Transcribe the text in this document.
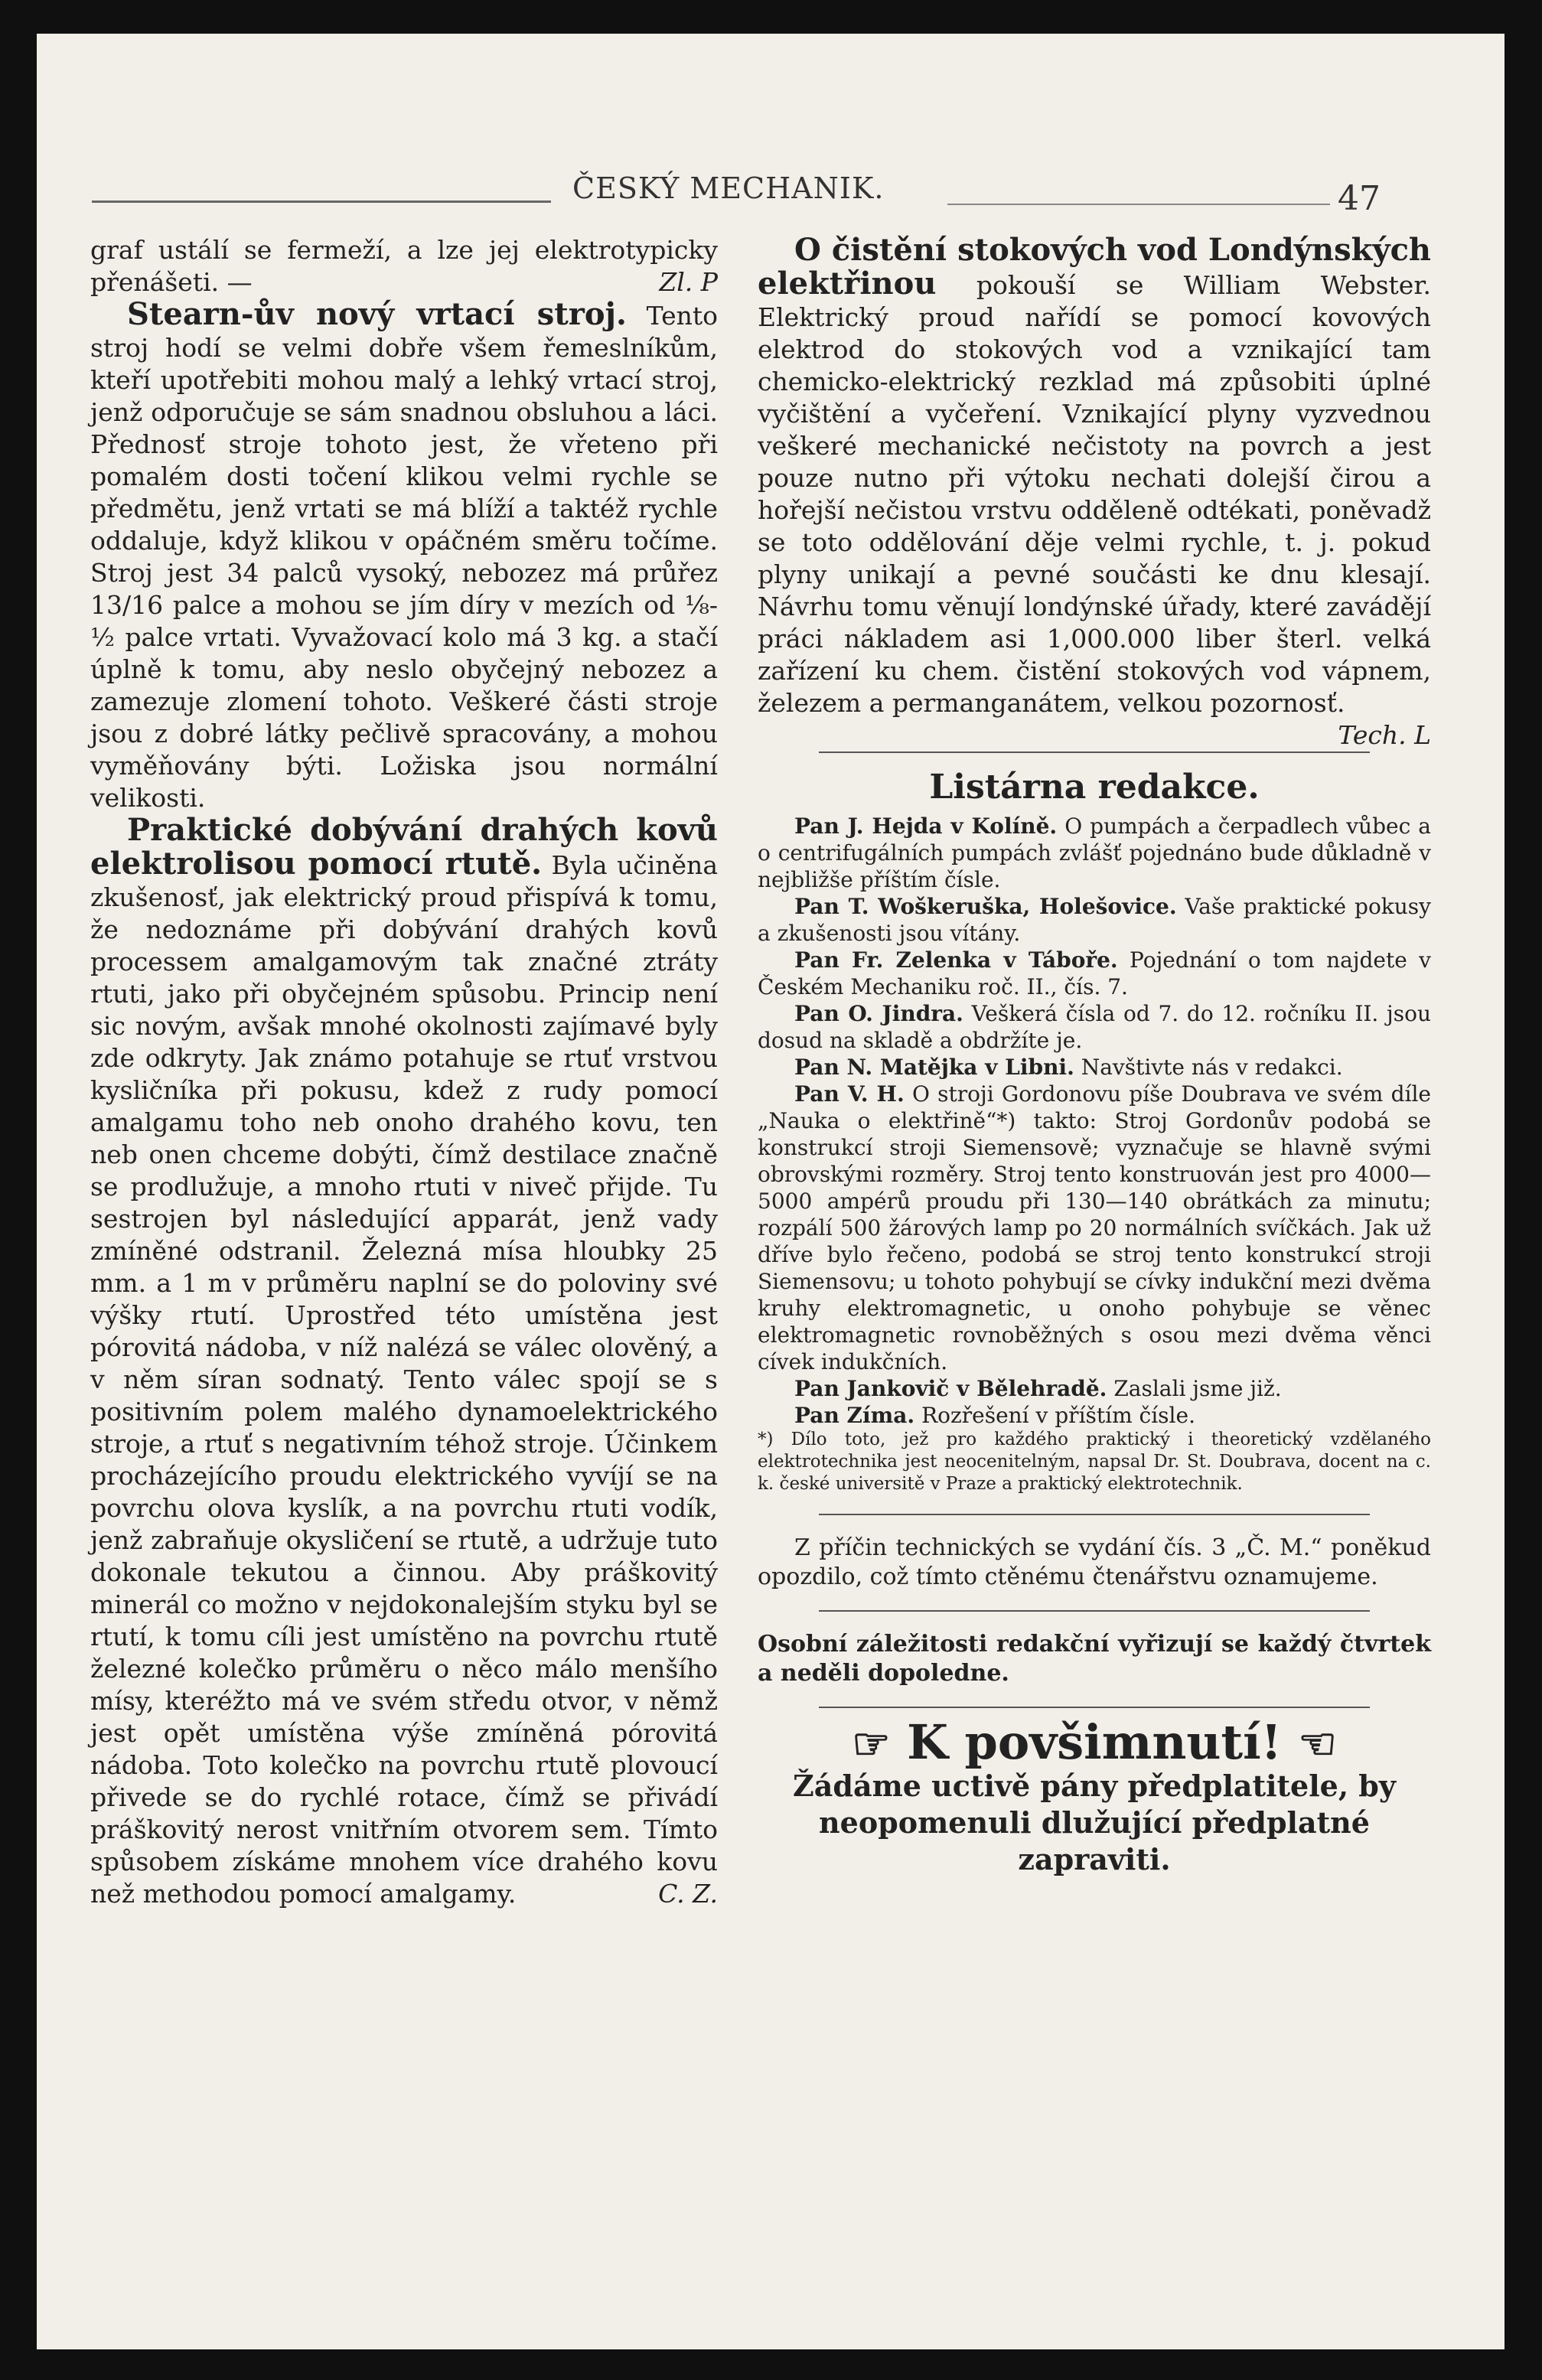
ČESKÝ MECHANIK.	47

graf ustálí se fermeží, a lze jej elektrotypicky přenášeti. —	Zl. P

Stearn-ův nový vrtací stroj. Tento stroj hodí se velmi dobře všem řemeslníkům, kteří upotřebiti mohou malý a lehký vrtací stroj, jenž odporučuje se sám snadnou obsluhou a láci. Přednosť stroje tohoto jest, že vřeteno při pomalém dosti točení klikou velmi rychle se předmětu, jenž vrtati se má blíží a taktéž rychle oddaluje, když klikou v opáčném směru točíme. Stroj jest 34 palců vysoký, nebozez má průřez 13/16 palce a mohou se jím díry v mezích od ⅛-½ palce vrtati. Vyvažovací kolo má 3 kg. a stačí úplně k tomu, aby neslo obyčejný nebozez a zamezuje zlomení tohoto. Veškeré části stroje jsou z dobré látky pečlivě spracovány, a mohou vyměňovány býti. Ložiska jsou normální velikosti.

Praktické dobývání drahých kovů elektrolisou pomocí rtutě. Byla učiněna zkušenosť, jak elektrický proud přispívá k tomu, že nedoznáme při dobývání drahých kovů processem amalgamovým tak značné ztráty rtuti, jako při obyčejném spůsobu. Princip není sic novým, avšak mnohé okolnosti zajímavé byly zde odkryty. Jak známo potahuje se rtuť vrstvou kysličníka při pokusu, kdež z rudy pomocí amalgamu toho neb onoho drahého kovu, ten neb onen chceme dobýti, čímž destilace značně se prodlužuje, a mnoho rtuti v niveč přijde. Tu sestrojen byl následující apparát, jenž vady zmíněné odstranil. Železná mísa hloubky 25 mm. a 1 m v průměru naplní se do poloviny své výšky rtutí. Uprostřed této umístěna jest pórovitá nádoba, v níž nalézá se válec olověný, a v něm síran sodnatý. Tento válec spojí se s positivním polem malého dynamoelektrického stroje, a rtuť s negativním téhož stroje. Účinkem procházejícího proudu elektrického vyvíjí se na povrchu olova kyslík, a na povrchu rtuti vodík, jenž zabraňuje okysličení se rtutě, a udržuje tuto dokonale tekutou a činnou. Aby práškovitý minerál co možno v nejdokonalejším styku byl se rtutí, k tomu cíli jest umístěno na povrchu rtutě železné kolečko průměru o něco málo menšího mísy, kteréžto má ve svém středu otvor, v němž jest opět umístěna výše zmíněná pórovitá nádoba. Toto kolečko na povrchu rtutě plovoucí přivede se do rychlé rotace, čímž se přivádí práškovitý nerost vnitřním otvorem sem. Tímto spůsobem získáme mnohem více drahého kovu než methodou pomocí amalgamy.	C. Z.

O čistění stokových vod Londýnských elektřinou pokouší se William Webster. Elektrický proud nařídí se pomocí kovových elektrod do stokových vod a vznikající tam chemicko-elektrický rezklad má způsobiti úplné vyčištění a vyčeření. Vznikající plyny vyzvednou veškeré mechanické nečistoty na povrch a jest pouze nutno při výtoku nechati dolejší čirou a hořejší nečistou vrstvu odděleně odtékati, poněvadž se toto oddělování děje velmi rychle, t. j. pokud plyny unikají a pevné součásti ke dnu klesají. Návrhu tomu věnují londýnské úřady, které zavádějí práci nákladem asi 1,000.000 liber šterl. velká zařízení ku chem. čistění stokových vod vápnem, železem a permanganátem, velkou pozornosť.
Tech. L

Listárna redakce.

Pan J. Hejda v Kolíně. O pumpách a čerpadlech vůbec a o centrifugálních pumpách zvlášť pojednáno bude důkladně v nejbližše příštím čísle.

Pan T. Woškeruška, Holešovice. Vaše praktické pokusy a zkušenosti jsou vítány.

Pan Fr. Zelenka v Táboře. Pojednání o tom najdete v Českém Mechaniku roč. II., čís. 7.

Pan O. Jindra. Veškerá čísla od 7. do 12. ročníku II. jsou dosud na skladě a obdržíte je.

Pan N. Matějka v Libni. Navštivte nás v redakci.

Pan V. H. O stroji Gordonovu píše Doubrava ve svém díle „Nauka o elektřině“*) takto: Stroj Gordonův podobá se konstrukcí stroji Siemensově; vyznačuje se hlavně svými obrovskými rozměry. Stroj tento konstruován jest pro 4000—5000 ampérů proudu při 130—140 obrátkách za minutu; rozpálí 500 žárových lamp po 20 normálních svíčkách. Jak už dříve bylo řečeno, podobá se stroj tento konstrukcí stroji Siemensovu; u tohoto pohybují se cívky indukční mezi dvěma kruhy elektromagnetic, u onoho pohybuje se věnec elektromagnetic rovnoběžných s osou mezi dvěma věnci cívek indukčních.

Pan Jankovič v Bělehradě. Zaslali jsme již.

Pan Zíma. Rozřešení v příštím čísle.

*) Dílo toto, jež pro každého praktický i theoretický vzdělaného elektrotechnika jest neocenitelným, napsal Dr. St. Doubrava, docent na c. k. české universitě v Praze a praktický elektrotechnik.

Z příčin technických se vydání čís. 3 „Č. M.“ poněkud opozdilo, což tímto ctěnému čtenářstvu oznamujeme.

Osobní záležitosti redakční vyřizují se každý čtvrtek a neděli dopoledne.

☞ K povšimnutí! ☜

Žádáme uctivě pány předplatitele, by neopomenuli dlužující předplatné zapraviti.
